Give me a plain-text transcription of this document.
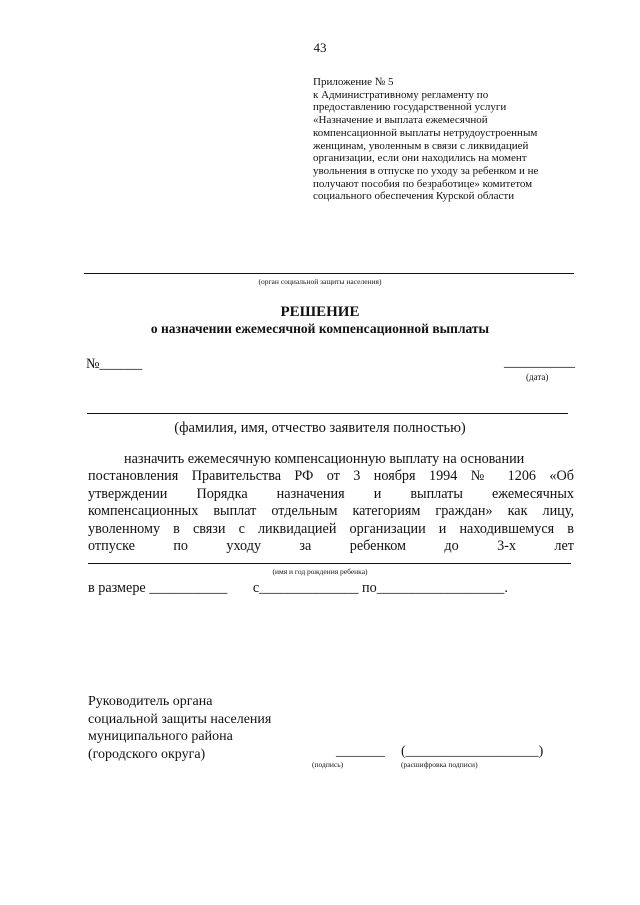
43
Приложение № 5
к Административному регламенту по
предоставлению государственной услуги
«Назначение и выплата ежемесячной
компенсационной выплаты нетрудоустроенным
женщинам, уволенным в связи с ликвидацией
организации, если они находились на момент
увольнения в отпуске по уходу за ребенком и не
получают пособия по безработице» комитетом
социального обеспечения Курской области
(орган социальной защиты населения)
РЕШЕНИЕ
о назначении ежемесячной компенсационной выплаты
№______	__________
(дата)
(фамилия, имя, отчество заявителя полностью)
назначить ежемесячную компенсационную выплату на основании
постановления Правительства РФ от 3 ноября 1994 № 1206 «Об
утверждении Порядка назначения и выплаты ежемесячных
компенсационных выплат отдельным категориям граждан» как лицу,
уволенному в связи с ликвидацией организации и находившемуся в
отпуске по уходу за ребенком до 3-х лет
(имя и год рождения ребенка)
в размере ___________ с______________ по__________________.
Руководитель органа
социальной защиты населения
муниципального района
(городского округа)	_______ (___________________)
(подпись)	(расшифровка подписи)
